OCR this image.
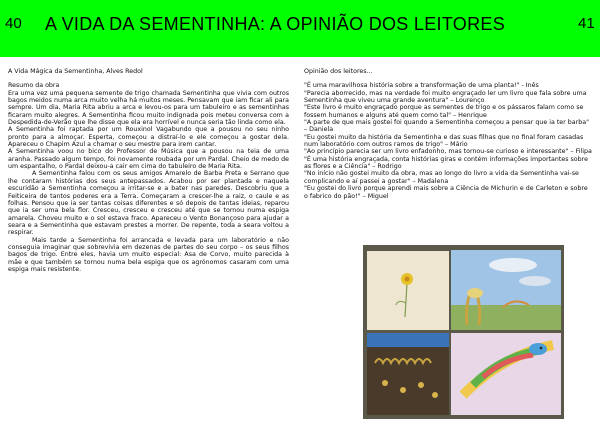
40 A VIDA DA SEMENTINHA: A OPINIÃO DOS LEITORES	41

A Vida Mágica da Sementinha, Alves Redol

Resumo da obra

Era uma vez uma pequena semente de trigo chamada Sementinha que vivia com outros bagos meidos numa arca muito velha há muitos meses. Pensavam que iam ficar ali para sempre. Um dia, Maria Rita abriu a arca e levou-os para um tabuleiro e as sementinhas ficaram muito alegres. A Sementinha ficou muito indignada pois meteu conversa com a Despedida-de-Verão que lhe disse que ela era horrível e nunca seria tão linda como ela.

A Sementinha foi raptada por um Rouxinol Vagabundo que a pousou no seu ninho pronto para a almoçar. Esperta, começou a distraí-lo e ele começou a gostar dela. Apareceu o Chapim Azul a chamar o seu mestre para irem cantar.

A Sementinha voou no bico do Professor de Música que a pousou na teia de uma aranha. Passado algum tempo, foi novamente roubada por um Pardal. Cheio de medo de um espantalho, o Pardal deixou-a cair em cima do tabuleiro de Maria Rita.

A Sementinha falou com os seus amigos Amarelo de Barba Preta e Serrano que lhe contaram histórias dos seus antepassados. Acabou por ser plantada e naquela escuridão a Sementinha começou a irritar-se e a bater nas paredes. Descobriu que a Feiticeira de tantos poderes era a Terra. Começaram a crescer-lhe a raiz, o caule e as folhas. Pensou que ia ser tantas coisas diferentes e só depois de tantas ideias, reparou que ia ser uma bela flor. Cresceu, cresceu e cresceu até que se tornou numa espiga amarela. Choveu muito e o sol estava fraco. Apareceu o Vento Bonançoso para ajudar a seara e a Sementinha que estavam prestes a morrer. De repente, toda a seara voltou a respirar.

Mais tarde a Sementinha foi arrancada e levada para um laboratório e não conseguia imaginar que sobrevivia em dezenas de partes do seu corpo – os seus filhos bagos de trigo. Entre eles, havia um muito especial: Asa de Corvo, muito parecida à mãe e que também se tornou numa bela espiga que os agrónomos casaram com uma espiga mais resistente.

Opinião dos leitores...

"É uma maravilhosa história sobre a transformação de uma planta!" - Inês

"Parecia aborrecido, mas na verdade foi muito engraçado ler um livro que fala sobre uma Sementinha que viveu uma grande aventura" – Lourenço

"Este livro é muito engraçado porque as sementes de trigo e os pássaros falam como se fossem humanos e alguns até quem como tal" – Henrique

"A parte de que mais gostei foi quando a Sementinha começou a pensar que ia ter barba" – Daniela

"Eu gostei muito da história da Sementinha e das suas filhas que no final foram casadas num laboratório com outros ramos de trigo" – Mário

"Ao princípio parecia ser um livro enfadonho, mas tornou-se curioso e interessante" – Filipa

"É uma história engraçada, conta histórias giras e contém informações importantes sobre as flores e a Ciência" – Rodrigo

"No início não gostei muito da obra, mas ao longo do livro a vida da Sementinha vai-se complicando e aí passei a gostar" – Madalena

"Eu gostei do livro porque aprendi mais sobre a Ciência de Michurin e de Carleton e sobre o fabrico do pão!" – Miguel
